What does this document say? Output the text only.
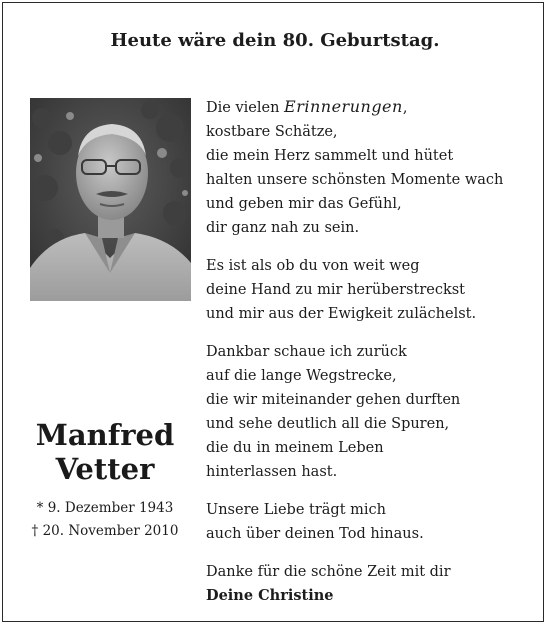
Heute wäre dein 80. Geburtstag.
Manfred
Vetter
* 9. Dezember 1943
† 20. November 2010
Die vielen Erinnerungen,
kostbare Schätze,
die mein Herz sammelt und hütet
halten unsere schönsten Momente wach
und geben mir das Gefühl,
dir ganz nah zu sein.
Es ist als ob du von weit weg
deine Hand zu mir herüberstreckst
und mir aus der Ewigkeit zulächelst.
Dankbar schaue ich zurück
auf die lange Wegstrecke,
die wir miteinander gehen durften
und sehe deutlich all die Spuren,
die du in meinem Leben
hinterlassen hast.
Unsere Liebe trägt mich
auch über deinen Tod hinaus.
Danke für die schöne Zeit mit dir
Deine Christine
